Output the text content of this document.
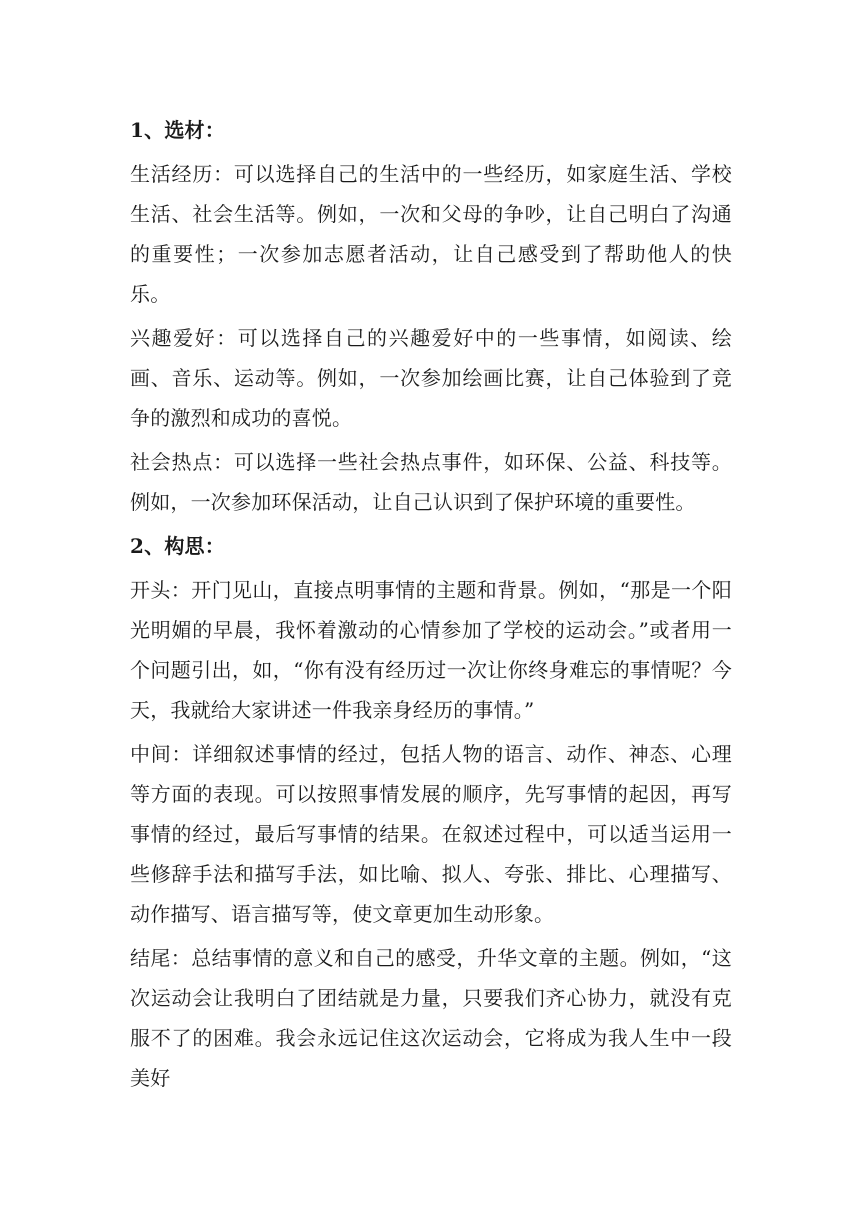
1、选材：

生活经历：可以选择自己的生活中的一些经历，如家庭生活、学校生活、社会生活等。例如，一次和父母的争吵，让自己明白了沟通的重要性；一次参加志愿者活动，让自己感受到了帮助他人的快乐。

兴趣爱好：可以选择自己的兴趣爱好中的一些事情，如阅读、绘画、音乐、运动等。例如，一次参加绘画比赛，让自己体验到了竞争的激烈和成功的喜悦。

社会热点：可以选择一些社会热点事件，如环保、公益、科技等。例如，一次参加环保活动，让自己认识到了保护环境的重要性。

2、构思：

开头：开门见山，直接点明事情的主题和背景。例如，“那是一个阳光明媚的早晨，我怀着激动的心情参加了学校的运动会。”或者用一个问题引出，如，“你有没有经历过一次让你终身难忘的事情呢？今天，我就给大家讲述一件我亲身经历的事情。”

中间：详细叙述事情的经过，包括人物的语言、动作、神态、心理等方面的表现。可以按照事情发展的顺序，先写事情的起因，再写事情的经过，最后写事情的结果。在叙述过程中，可以适当运用一些修辞手法和描写手法，如比喻、拟人、夸张、排比、心理描写、动作描写、语言描写等，使文章更加生动形象。

结尾：总结事情的意义和自己的感受，升华文章的主题。例如，“这次运动会让我明白了团结就是力量，只要我们齐心协力，就没有克服不了的困难。我会永远记住这次运动会，它将成为我人生中一段美好
